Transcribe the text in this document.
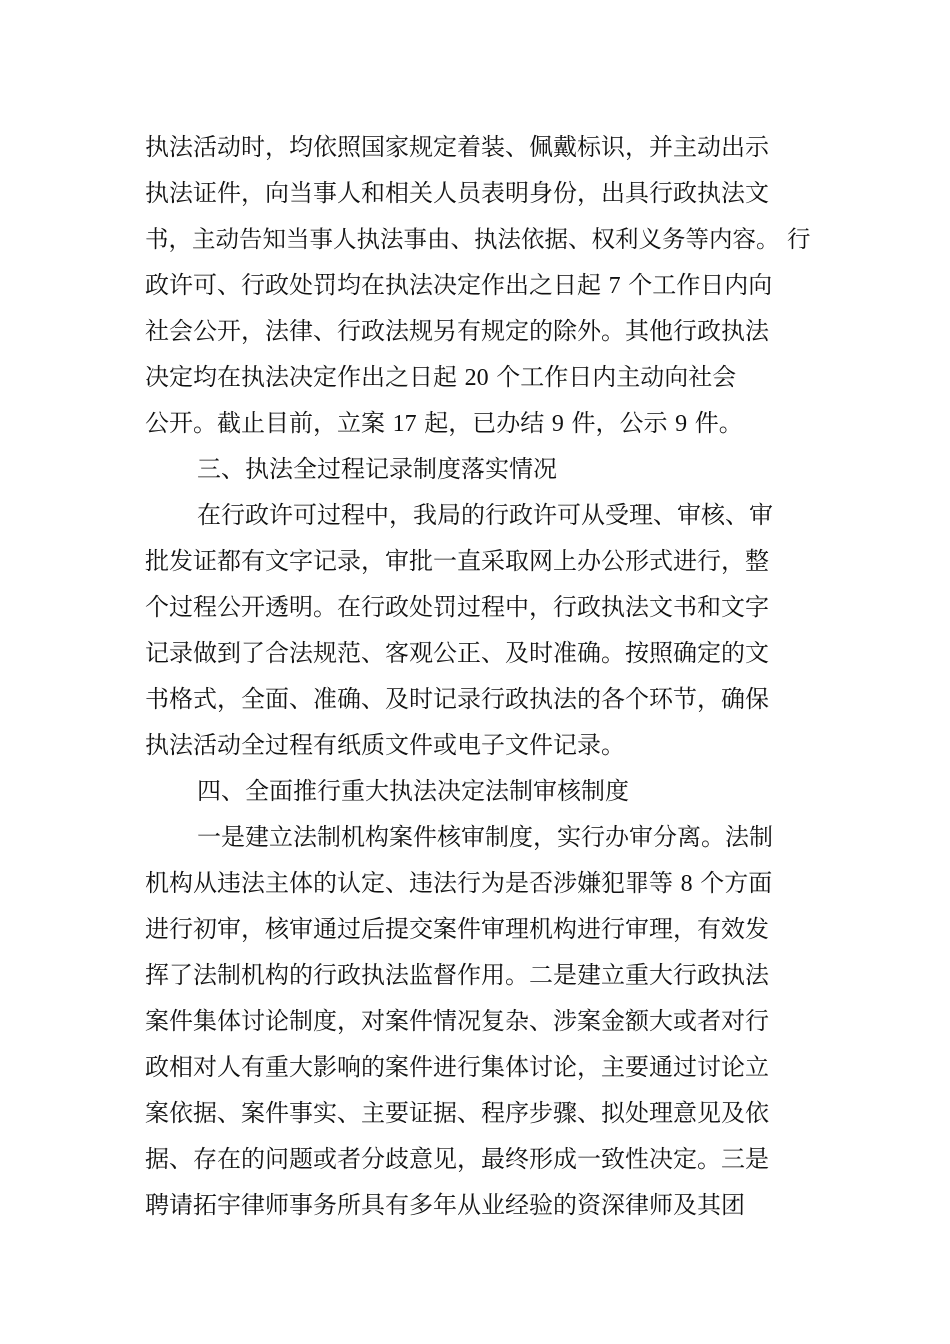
执法活动时，均依照国家规定着装、佩戴标识，并主动出示
执法证件，向当事人和相关人员表明身份，出具行政执法文
书，主动告知当事人执法事由、执法依据、权利义务等内容。 行
政许可、行政处罚均在执法决定作出之日起 7 个工作日内向
社会公开，法律、行政法规另有规定的除外。其他行政执法
决定均在执法决定作出之日起 20 个工作日内主动向社会
公开。截止目前，立案 17 起，已办结 9 件，公示 9 件。
三、执法全过程记录制度落实情况
在行政许可过程中，我局的行政许可从受理、审核、审
批发证都有文字记录，审批一直采取网上办公形式进行，整
个过程公开透明。在行政处罚过程中，行政执法文书和文字
记录做到了合法规范、客观公正、及时准确。按照确定的文
书格式，全面、准确、及时记录行政执法的各个环节，确保
执法活动全过程有纸质文件或电子文件记录。
四、全面推行重大执法决定法制审核制度
一是建立法制机构案件核审制度，实行办审分离。法制
机构从违法主体的认定、违法行为是否涉嫌犯罪等 8 个方面
进行初审，核审通过后提交案件审理机构进行审理，有效发
挥了法制机构的行政执法监督作用。二是建立重大行政执法
案件集体讨论制度，对案件情况复杂、涉案金额大或者对行
政相对人有重大影响的案件进行集体讨论，主要通过讨论立
案依据、案件事实、主要证据、程序步骤、拟处理意见及依
据、存在的问题或者分歧意见，最终形成一致性决定。三是
聘请拓宇律师事务所具有多年从业经验的资深律师及其团
